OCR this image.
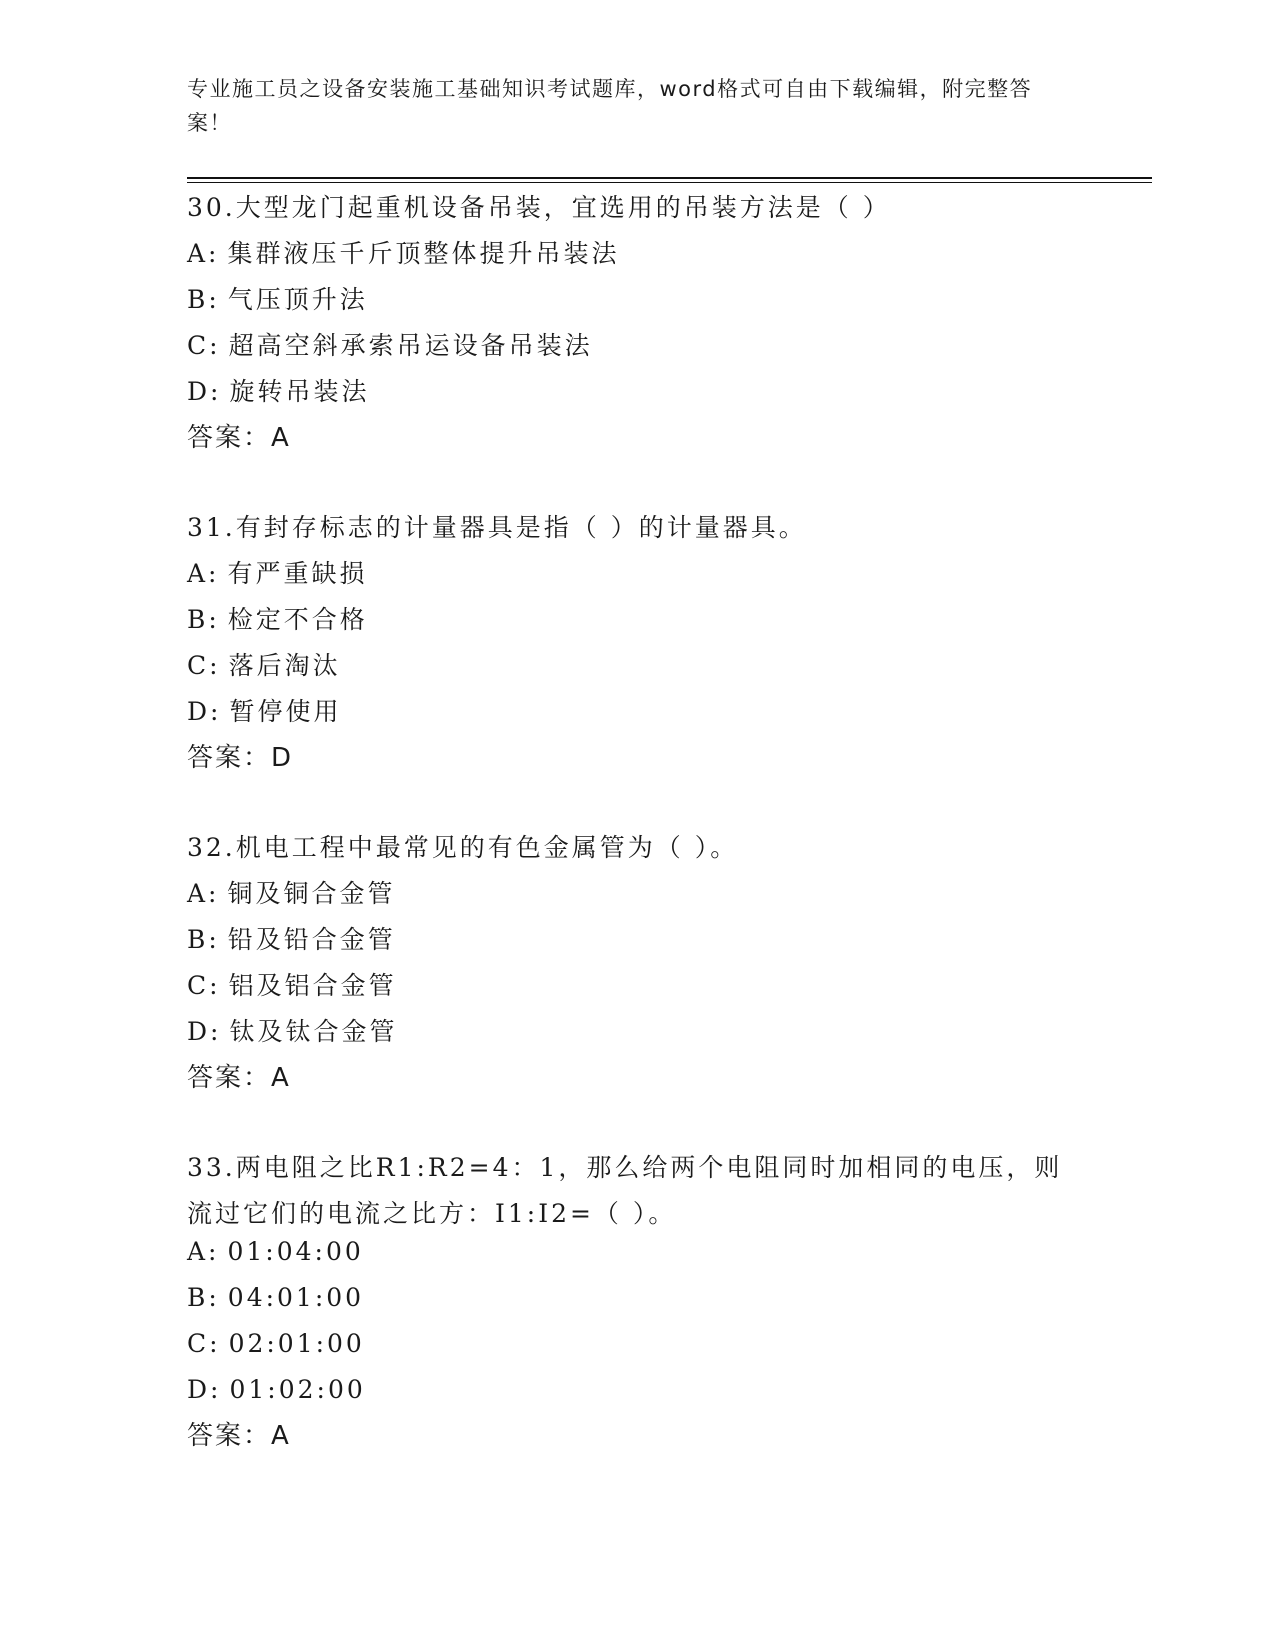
专业施工员之设备安装施工基础知识考试题库，word格式可自由下载编辑，附完整答案！
30.大型龙门起重机设备吊装，宜选用的吊装方法是（ ）
A: 集群液压千斤顶整体提升吊装法
B: 气压顶升法
C: 超高空斜承索吊运设备吊装法
D: 旋转吊装法
答案：A
31.有封存标志的计量器具是指（ ）的计量器具。
A: 有严重缺损
B: 检定不合格
C: 落后淘汰
D: 暂停使用
答案：D
32.机电工程中最常见的有色金属管为（ ）。
A: 铜及铜合金管
B: 铅及铅合金管
C: 铝及铝合金管
D: 钛及钛合金管
答案：A
33.两电阻之比R1:R2=4：1，那么给两个电阻同时加相同的电压，则流过它们的电流之比方：I1:I2=（ ）。
A: 01:04:00
B: 04:01:00
C: 02:01:00
D: 01:02:00
答案：A
